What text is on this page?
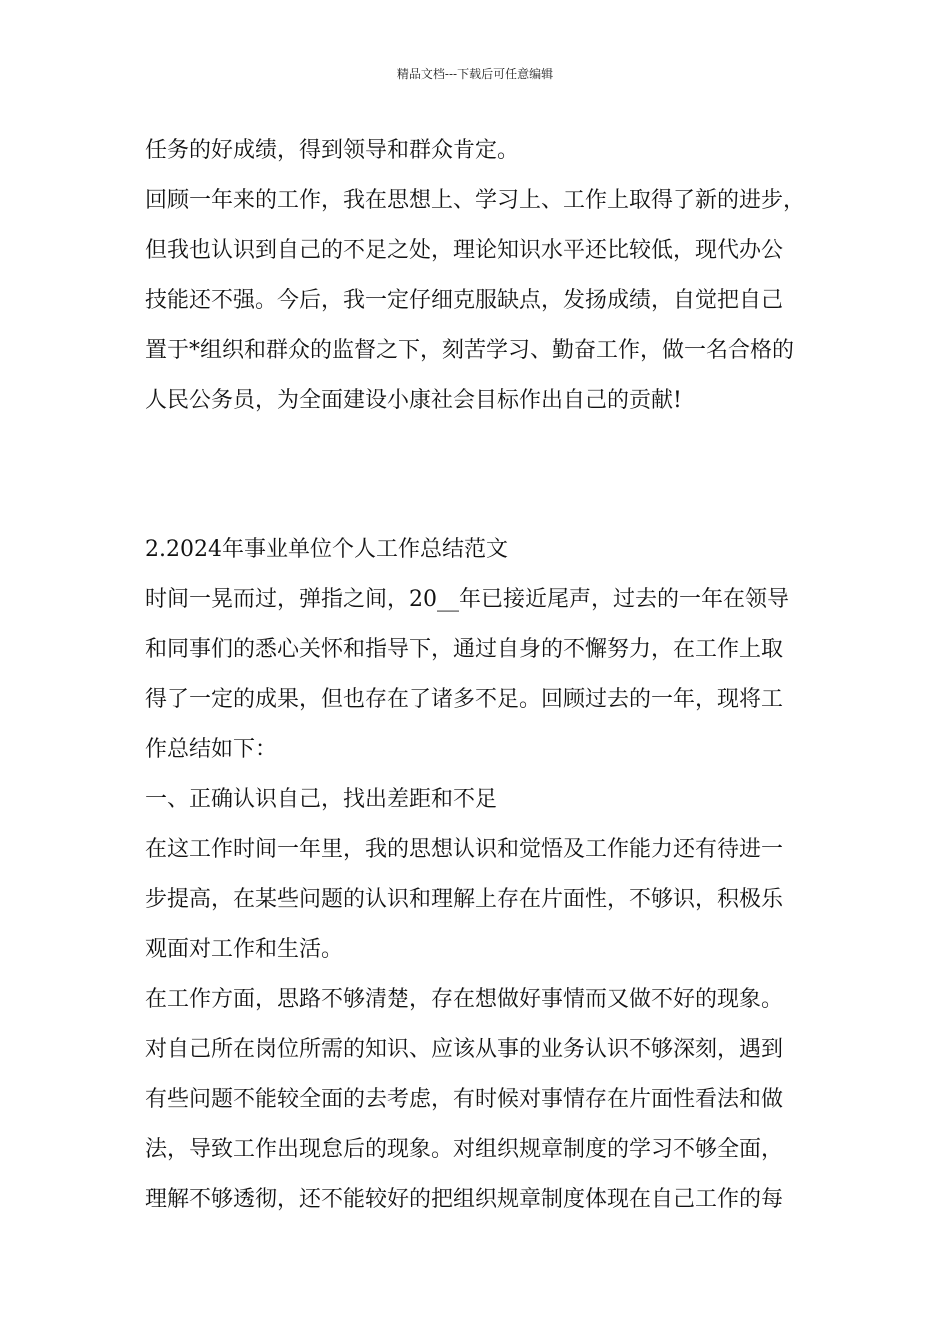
精品文档---下载后可任意编辑
任务的好成绩，得到领导和群众肯定。
回顾一年来的工作，我在思想上、学习上、工作上取得了新的进步，
但我也认识到自己的不足之处，理论知识水平还比较低，现代办公
技能还不强。今后，我一定仔细克服缺点，发扬成绩，自觉把自己
置于*组织和群众的监督之下，刻苦学习、勤奋工作，做一名合格的
人民公务员，为全面建设小康社会目标作出自己的贡献!
2.2024年事业单位个人工作总结范文
时间一晃而过，弹指之间，20__年已接近尾声，过去的一年在领导
和同事们的悉心关怀和指导下，通过自身的不懈努力，在工作上取
得了一定的成果，但也存在了诸多不足。回顾过去的一年，现将工
作总结如下：
一、正确认识自己，找出差距和不足
在这工作时间一年里，我的思想认识和觉悟及工作能力还有待进一
步提高，在某些问题的认识和理解上存在片面性，不够识，积极乐
观面对工作和生活。
在工作方面，思路不够清楚，存在想做好事情而又做不好的现象。
对自己所在岗位所需的知识、应该从事的业务认识不够深刻，遇到
有些问题不能较全面的去考虑，有时候对事情存在片面性看法和做
法，导致工作出现怠后的现象。对组织规章制度的学习不够全面，
理解不够透彻，还不能较好的把组织规章制度体现在自己工作的每
